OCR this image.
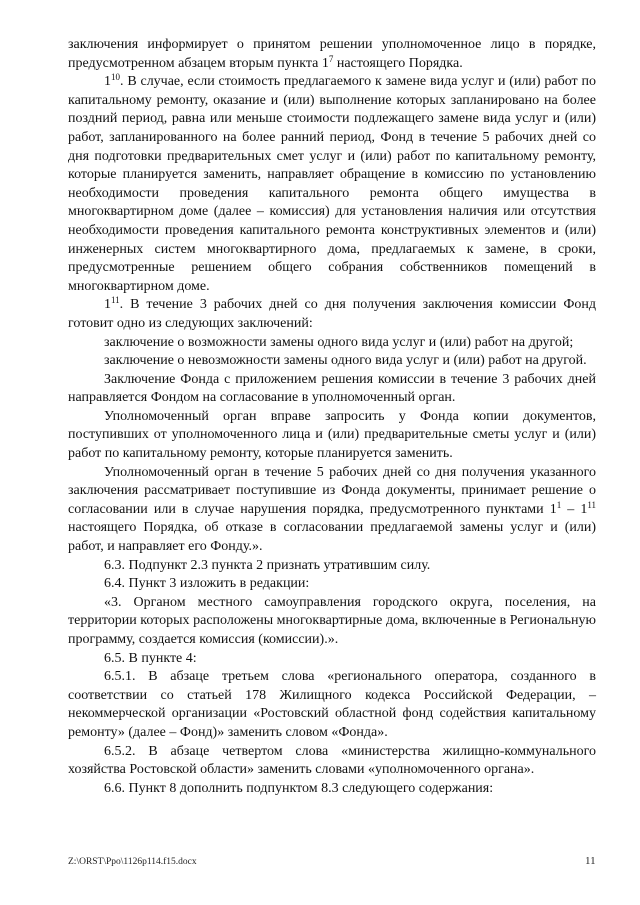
заключения информирует о принятом решении уполномоченное лицо в порядке, предусмотренном абзацем вторым пункта $1^7$ настоящего Порядка.

$1^{10}$. В случае, если стоимость предлагаемого к замене вида услуг и (или) работ по капитальному ремонту, оказание и (или) выполнение которых запланировано на более поздний период, равна или меньше стоимости подлежащего замене вида услуг и (или) работ, запланированного на более ранний период, Фонд в течение 5 рабочих дней со дня подготовки предварительных смет услуг и (или) работ по капитальному ремонту, которые планируется заменить, направляет обращение в комиссию по установлению необходимости проведения капитального ремонта общего имущества в многоквартирном доме (далее – комиссия) для установления наличия или отсутствия необходимости проведения капитального ремонта конструктивных элементов и (или) инженерных систем многоквартирного дома, предлагаемых к замене, в сроки, предусмотренные решением общего собрания собственников помещений в многоквартирном доме.

$1^{11}$. В течение 3 рабочих дней со дня получения заключения комиссии Фонд готовит одно из следующих заключений:

заключение о возможности замены одного вида услуг и (или) работ на другой;

заключение о невозможности замены одного вида услуг и (или) работ на другой.

Заключение Фонда с приложением решения комиссии в течение 3 рабочих дней направляется Фондом на согласование в уполномоченный орган.

Уполномоченный орган вправе запросить у Фонда копии документов, поступивших от уполномоченного лица и (или) предварительные сметы услуг и (или) работ по капитальному ремонту, которые планируется заменить.

Уполномоченный орган в течение 5 рабочих дней со дня получения указанного заключения рассматривает поступившие из Фонда документы, принимает решение о согласовании или в случае нарушения порядка, предусмотренного пунктами $1^1 - 1^{11}$ настоящего Порядка, об отказе в согласовании предлагаемой замены услуг и (или) работ, и направляет его Фонду.».

6.3. Подпункт 2.3 пункта 2 признать утратившим силу.

6.4. Пункт 3 изложить в редакции:

«3. Органом местного самоуправления городского округа, поселения, на территории которых расположены многоквартирные дома, включенные в Региональную программу, создается комиссия (комиссии).».

6.5. В пункте 4:

6.5.1. В абзаце третьем слова «регионального оператора, созданного в соответствии со статьей 178 Жилищного кодекса Российской Федерации, – некоммерческой организации «Ростовский областной фонд содействия капитальному ремонту» (далее – Фонд)» заменить словом «Фонда».

6.5.2. В абзаце четвертом слова «министерства жилищно-коммунального хозяйства Ростовской области» заменить словами «уполномоченного органа».

6.6. Пункт 8 дополнить подпунктом 8.3 следующего содержания:

Z:\ORST\Ppo\1126p114.f15.docx	11
